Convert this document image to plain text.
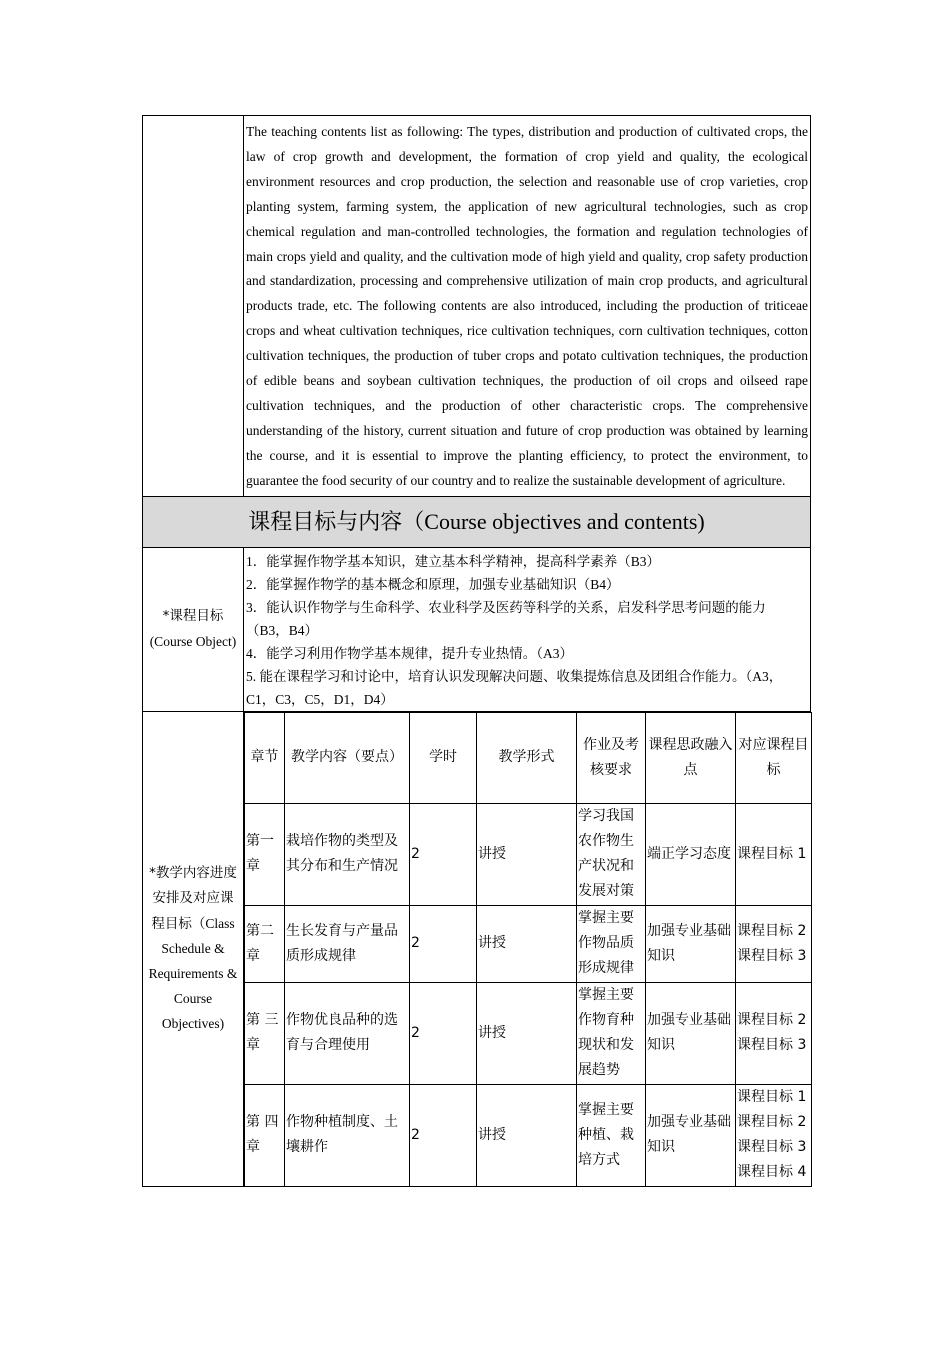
	The teaching contents list as following: The types, distribution and production of cultivated crops, the law of crop growth and development, the formation of crop yield and quality, the ecological environment resources and crop production, the selection and reasonable use of crop varieties, crop planting system, farming system, the application of new agricultural technologies, such as crop chemical regulation and man-controlled technologies, the formation and regulation technologies of main crops yield and quality, and the cultivation mode of high yield and quality, crop safety production and standardization, processing and comprehensive utilization of main crop products, and agricultural products trade, etc. The following contents are also introduced, including the production of triticeae crops and wheat cultivation techniques, rice cultivation techniques, corn cultivation techniques, cotton cultivation techniques, the production of tuber crops and potato cultivation techniques, the production of edible beans and soybean cultivation techniques, the production of oil crops and oilseed rape cultivation techniques, and the production of other characteristic crops. The comprehensive understanding of the history, current situation and future of crop production was obtained by learning the course, and it is essential to improve the planting efficiency, to protect the environment, to guarantee the food security of our country and to realize the sustainable development of agriculture.
课程目标与内容（Course objectives and contents)

*课程目标
(Course Object)

1．能掌握作物学基本知识，建立基本科学精神，提高科学素养（B3）
2．能掌握作物学的基本概念和原理，加强专业基础知识（B4）
3．能认识作物学与生命科学、农业科学及医药等科学的关系，启发科学思考问题的能力（B3，B4）
4．能学习利用作物学基本规律，提升专业热情。（A3）
5. 能在课程学习和讨论中，培育认识发现解决问题、收集提炼信息及团组合作能力。（A3，C1，C3，C5，D1，D4）

*教学内容进度
安排及对应课
程目标（Class
Schedule &
Requirements &
Course
Objectives)

章节	教学内容（要点）	学时	教学形式	作业及考核要求	课程思政融入点	对应课程目标
第一章	栽培作物的类型及其分布和生产情况	2	讲授	学习我国农作物生产状况和发展对策	端正学习态度	课程目标 1

第二章	生长发育与产量品质形成规律	2	讲授	掌握主要作物品质形成规律	加强专业基础知识	
课程目标 2
课程目标 3

第 三章	作物优良品种的选育与合理使用	2	讲授	掌握主要作物育种现状和发展趋势	加强专业基础知识	
课程目标 2
课程目标 3

第 四章	作物种植制度、土壤耕作	2	讲授	掌握主要种植、栽培方式	加强专业基础知识	
课程目标 1
课程目标 2
课程目标 3
课程目标 4
